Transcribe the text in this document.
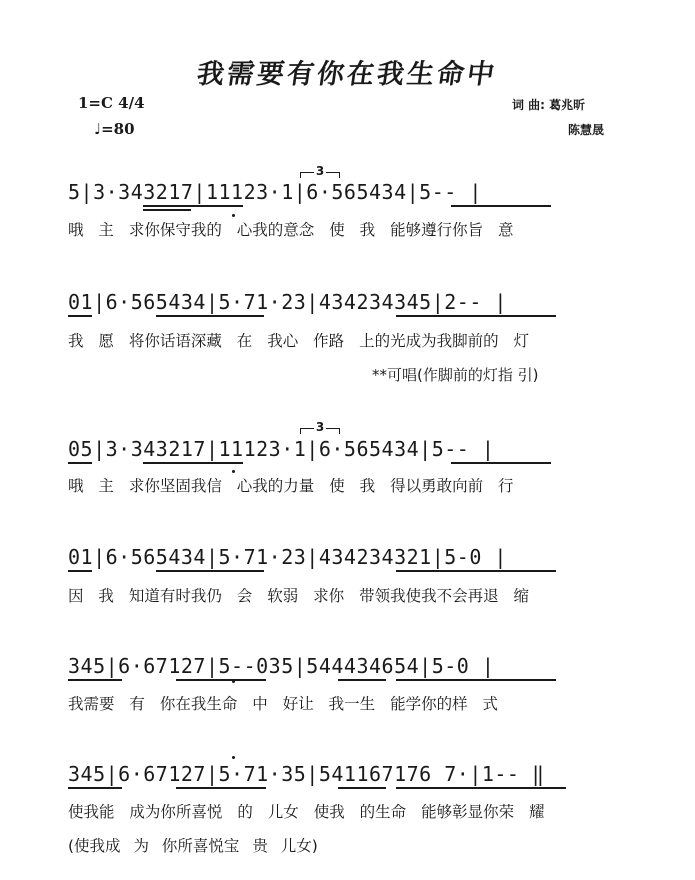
我需要有你在我生命中
1=C 4/4
♩=80
词 曲: 葛兆昕
陈慧晟
3
5|3·343217|11123·1|6·565434|5-- |
哦 主 求你保守我的 心我的意念 使 我 能够遵行你旨 意
01|6·565434|5·71·23|434234345|2-- |
我 愿 将你话语深藏 在 我心 作路 上的光成为我脚前的 灯
**可唱(作脚前的灯指 引)
3
05|3·343217|11123·1|6·565434|5-- |
哦 主 求你坚固我信 心我的力量 使 我 得以勇敢向前 行
01|6·565434|5·71·23|434234321|5-0 |
因 我 知道有时我仍 会 软弱 求你 带领我使我不会再退 缩
345|6·67127|5--035|544434654|5-0 |
我需要 有 你在我生命 中 好让 我一生 能学你的样 式
345|6·67127|5·71·35|541167176 7·|1-- ‖
使我能 成为你所喜悦 的 儿女 使我 的生命 能够彰显你荣 耀
(使我成 为 你所喜悦宝 贵 儿女)
